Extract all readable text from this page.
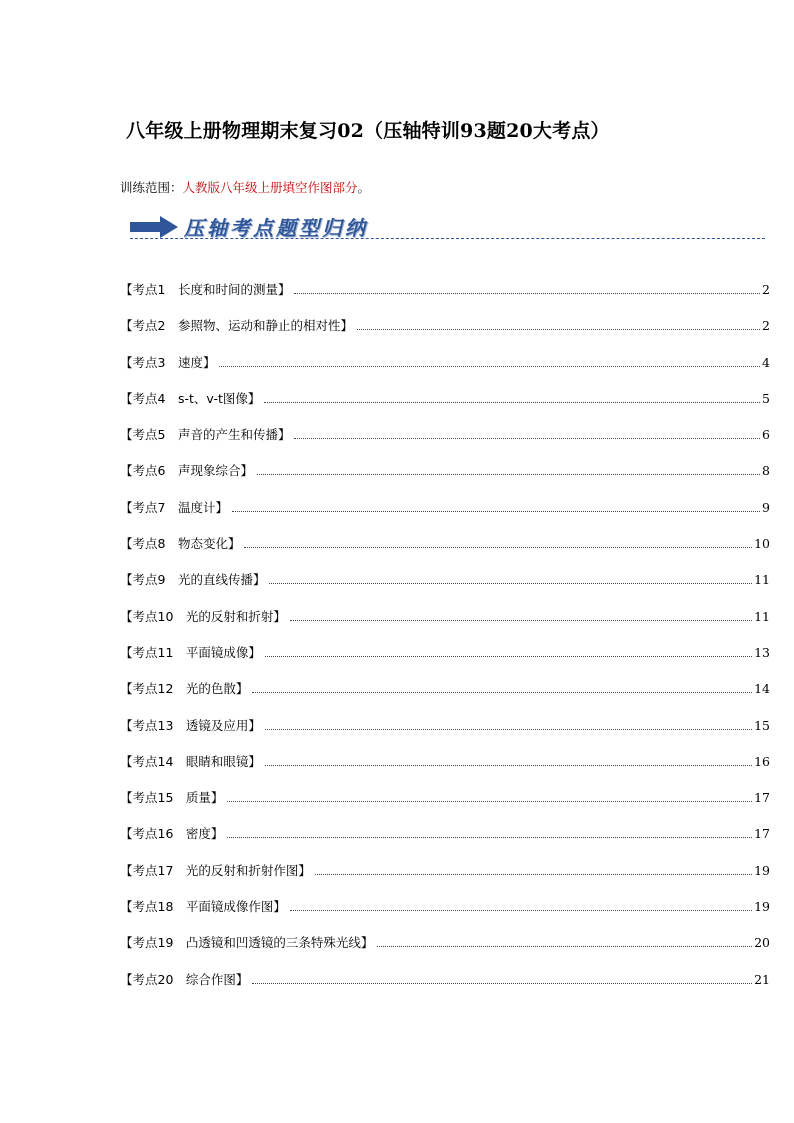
八年级上册物理期末复习02（压轴特训93题20大考点）
训练范围：人教版八年级上册填空作图部分。
压轴考点题型归纳
【考点1　长度和时间的测量】	2
【考点2　参照物、运动和静止的相对性】	2
【考点3　速度】	4
【考点4　s-t、v-t图像】	5
【考点5　声音的产生和传播】	6
【考点6　声现象综合】	8
【考点7　温度计】	9
【考点8　物态变化】	10
【考点9　光的直线传播】	11
【考点10　光的反射和折射】	11
【考点11　平面镜成像】	13
【考点12　光的色散】	14
【考点13　透镜及应用】	15
【考点14　眼睛和眼镜】	16
【考点15　质量】	17
【考点16　密度】	17
【考点17　光的反射和折射作图】	19
【考点18　平面镜成像作图】	19
【考点19　凸透镜和凹透镜的三条特殊光线】	20
【考点20　综合作图】	21
